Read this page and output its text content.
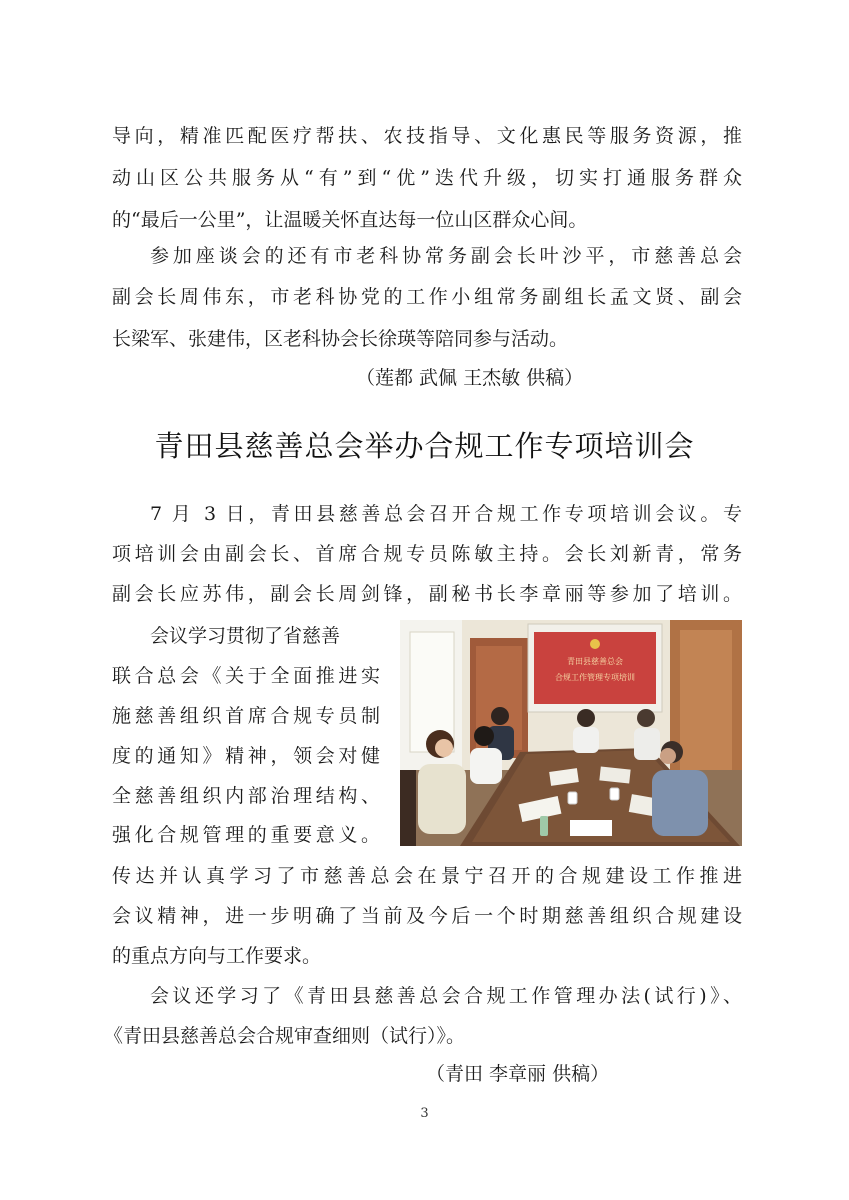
导向，精准匹配医疗帮扶、农技指导、文化惠民等服务资源，推
动山区公共服务从“有”到“优”迭代升级，切实打通服务群众
的“最后一公里”，让温暖关怀直达每一位山区群众心间。
参加座谈会的还有市老科协常务副会长叶沙平，市慈善总会
副会长周伟东，市老科协党的工作小组常务副组长孟文贤、副会
长梁军、张建伟，区老科协会长徐瑛等陪同参与活动。
（莲都 武佩 王杰敏 供稿）
青田县慈善总会举办合规工作专项培训会
7 月 3 日，青田县慈善总会召开合规工作专项培训会议。专
项培训会由副会长、首席合规专员陈敏主持。会长刘新青，常务
副会长应苏伟，副会长周剑锋，副秘书长李章丽等参加了培训。
会议学习贯彻了省慈善
联合总会《关于全面推进实
施慈善组织首席合规专员制
度的通知》精神，领会对健
全慈善组织内部治理结构、
强化合规管理的重要意义。
青田县慈善总会
合规工作管理专项培训
传达并认真学习了市慈善总会在景宁召开的合规建设工作推进
会议精神，进一步明确了当前及今后一个时期慈善组织合规建设
的重点方向与工作要求。
会议还学习了《青田县慈善总会合规工作管理办法(试行)》、
《青田县慈善总会合规审查细则（试行）》。
（青田 李章丽 供稿）
3
